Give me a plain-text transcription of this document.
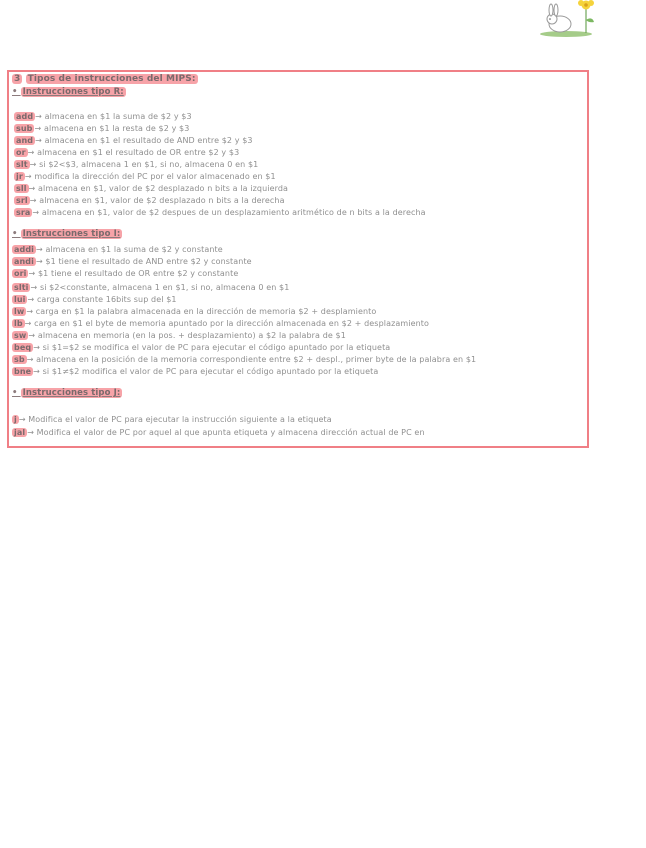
3 Tipos de instrucciones del MIPS:
• Instrucciones tipo R:
add → almacena en $1 la suma de $2 y $3
sub → almacena en $1 la resta de $2 y $3
and → almacena en $1 el resultado de AND entre $2 y $3
or → almacena en $1 el resultado de OR entre $2 y $3
slt → si $2<$3, almacena 1 en $1, si no, almacena 0 en $1
jr → modifica la dirección del PC por el valor almacenado en $1
sll → almacena en $1, valor de $2 desplazado n bits a la izquierda
srl → almacena en $1, valor de $2 desplazado n bits a la derecha
sra → almacena en $1, valor de $2 despues de un desplazamiento aritmético de n bits a la derecha
• Instrucciones tipo I:
addi → almacena en $1 la suma de $2 y constante
andi → $1 tiene el resultado de AND entre $2 y constante
ori → $1 tiene el resultado de OR entre $2 y constante
slti → si $2<constante, almacena 1 en $1, si no, almacena 0 en $1
lui → carga constante 16bits sup del $1
lw → carga en $1 la palabra almacenada en la dirección de memoria $2 + desplamiento
lb → carga en $1 el byte de memoria apuntado por la dirección almacenada en $2 + desplazamiento
sw → almacena en memoria (en la pos. + desplazamiento) a $2 la palabra de $1
beq → si $1=$2 se modifica el valor de PC para ejecutar el código apuntado por la etiqueta
sb → almacena en la posición de la memoria correspondiente entre $2 + despl., primer byte de la palabra en $1
bne → si $1≠$2 modifica el valor de PC para ejecutar el código apuntado por la etiqueta
• Instrucciones tipo J:
j → Modifica el valor de PC para ejecutar la instrucción siguiente a la etiqueta
jal → Modifica el valor de PC por aquel al que apunta etiqueta y almacena dirección actual de PC en
